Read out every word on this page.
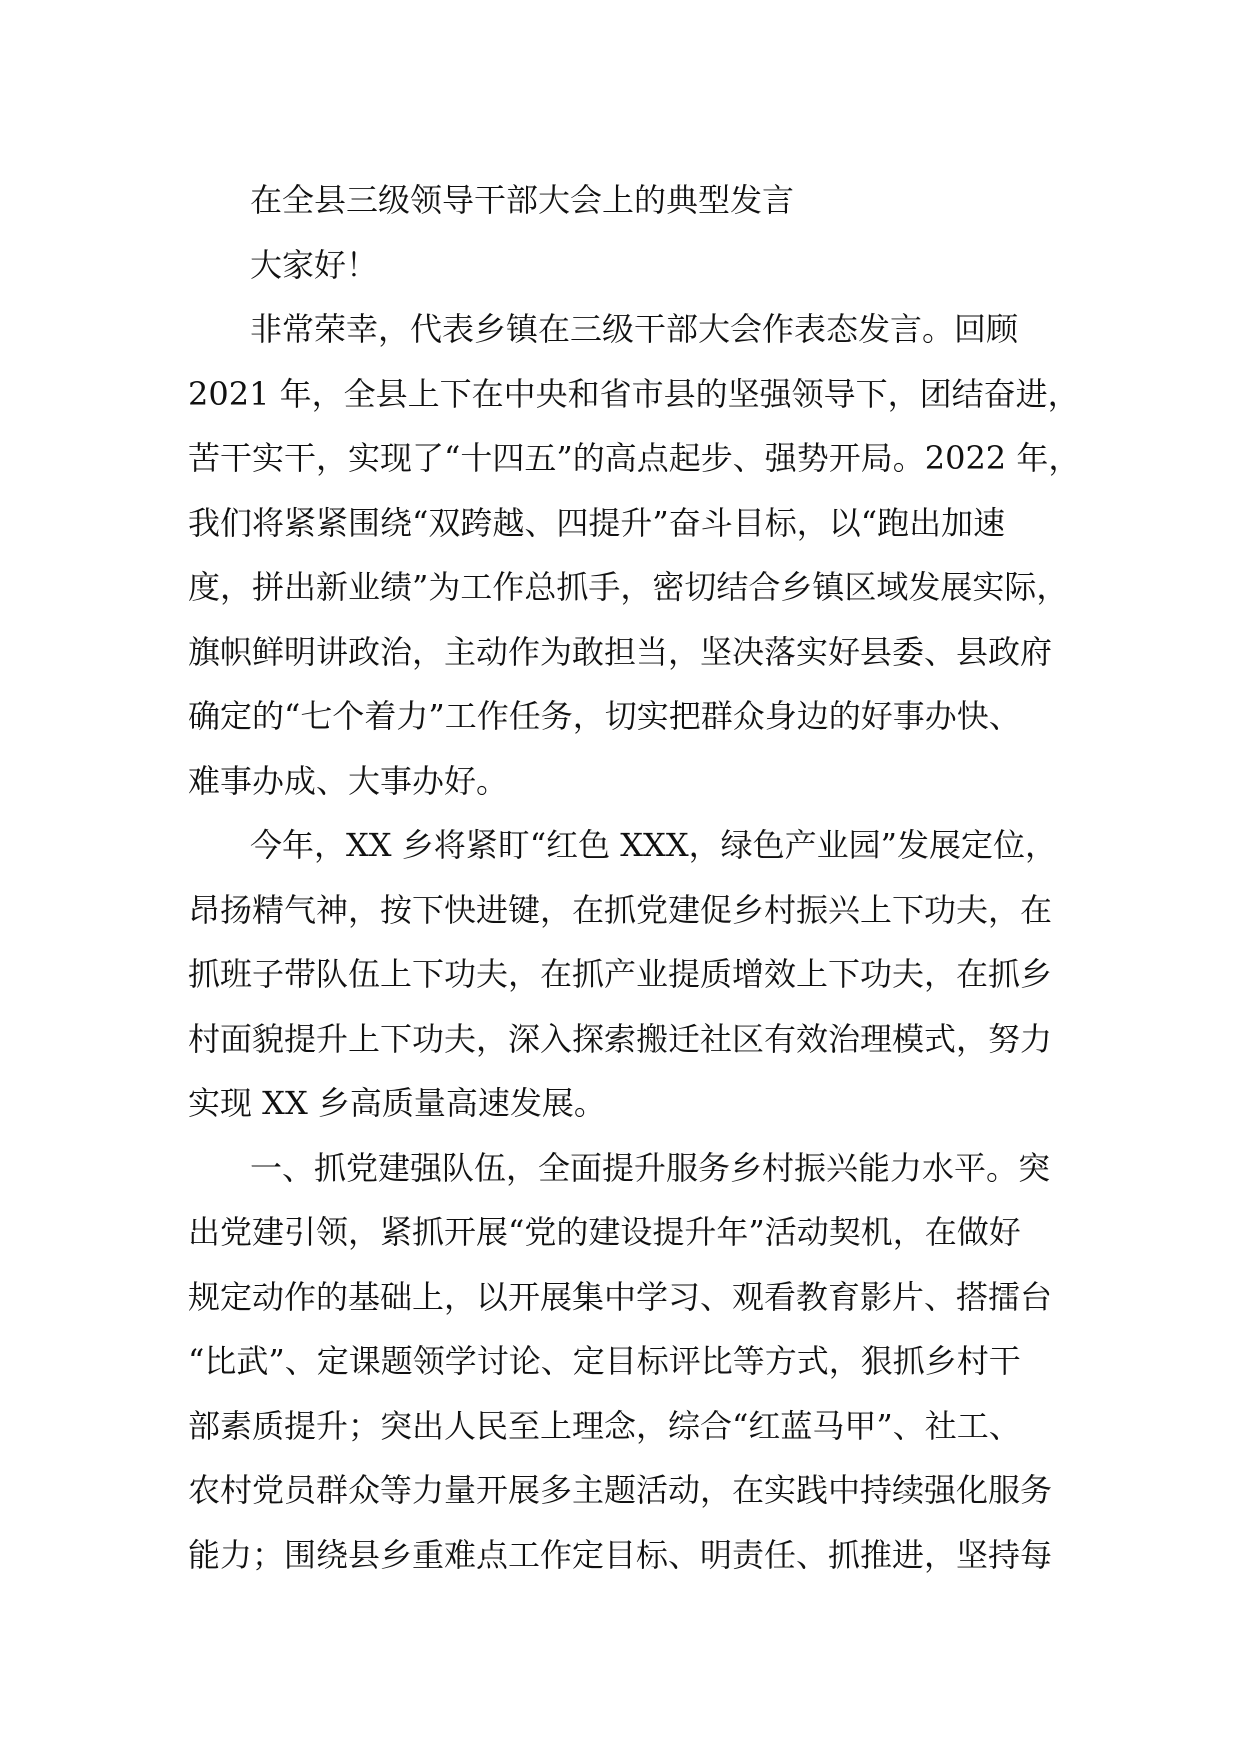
在全县三级领导干部大会上的典型发言
大家好！
非常荣幸，代表乡镇在三级干部大会作表态发言。回顾
2021 年，全县上下在中央和省市县的坚强领导下，团结奋进，
苦干实干，实现了“十四五”的高点起步、强势开局。2022 年，
我们将紧紧围绕“双跨越、四提升”奋斗目标，以“跑出加速
度，拼出新业绩”为工作总抓手，密切结合乡镇区域发展实际，
旗帜鲜明讲政治，主动作为敢担当，坚决落实好县委、县政府
确定的“七个着力”工作任务，切实把群众身边的好事办快、
难事办成、大事办好。
今年，XX 乡将紧盯“红色 XXX，绿色产业园”发展定位，
昂扬精气神，按下快进键，在抓党建促乡村振兴上下功夫，在
抓班子带队伍上下功夫，在抓产业提质增效上下功夫，在抓乡
村面貌提升上下功夫，深入探索搬迁社区有效治理模式，努力
实现 XX 乡高质量高速发展。
一、抓党建强队伍，全面提升服务乡村振兴能力水平。突
出党建引领，紧抓开展“党的建设提升年”活动契机，在做好
规定动作的基础上，以开展集中学习、观看教育影片、搭擂台
“比武”、定课题领学讨论、定目标评比等方式，狠抓乡村干
部素质提升；突出人民至上理念，综合“红蓝马甲”、社工、
农村党员群众等力量开展多主题活动，在实践中持续强化服务
能力；围绕县乡重难点工作定目标、明责任、抓推进，坚持每
